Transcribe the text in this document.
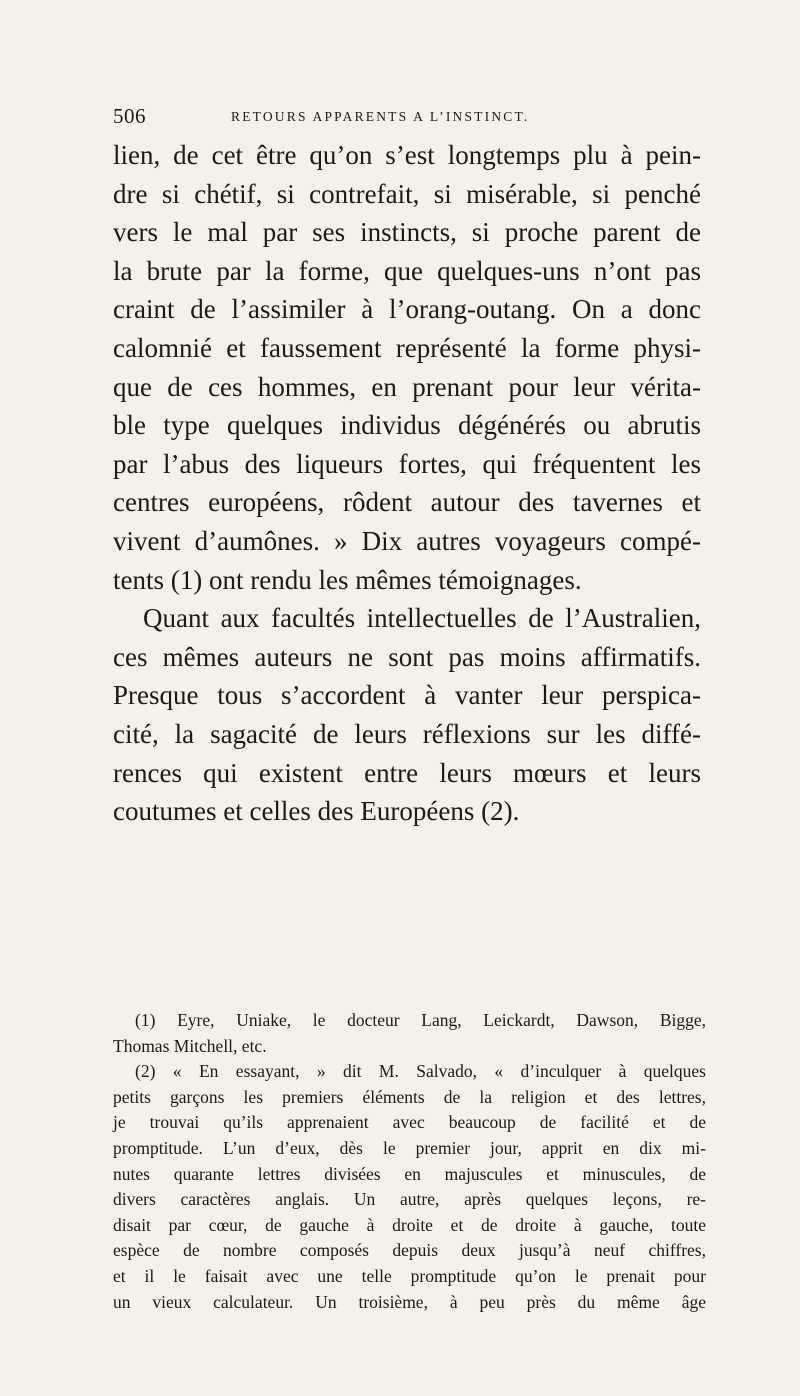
506	RETOURS APPARENTS A L’INSTINCT.
lien, de cet être qu’on s’est longtemps plu à pein-
dre si chétif, si contrefait, si misérable, si penché
vers le mal par ses instincts, si proche parent de
la brute par la forme, que quelques-uns n’ont pas
craint de l’assimiler à l’orang-outang. On a donc
calomnié et faussement représenté la forme physi-
que de ces hommes, en prenant pour leur vérita-
ble type quelques individus dégénérés ou abrutis
par l’abus des liqueurs fortes, qui fréquentent les
centres européens, rôdent autour des tavernes et
vivent d’aumônes. » Dix autres voyageurs compé-
tents (1) ont rendu les mêmes témoignages.
Quant aux facultés intellectuelles de l’Australien,
ces mêmes auteurs ne sont pas moins affirmatifs.
Presque tous s’accordent à vanter leur perspica-
cité, la sagacité de leurs réflexions sur les diffé-
rences qui existent entre leurs mœurs et leurs
coutumes et celles des Européens (2).
(1) Eyre, Uniake, le docteur Lang, Leickardt, Dawson, Bigge,
Thomas Mitchell, etc.
(2) « En essayant, » dit M. Salvado, « d’inculquer à quelques
petits garçons les premiers éléments de la religion et des lettres,
je trouvai qu’ils apprenaient avec beaucoup de facilité et de
promptitude. L’un d’eux, dès le premier jour, apprit en dix mi-
nutes quarante lettres divisées en majuscules et minuscules, de
divers caractères anglais. Un autre, après quelques leçons, re-
disait par cœur, de gauche à droite et de droite à gauche, toute
espèce de nombre composés depuis deux jusqu’à neuf chiffres,
et il le faisait avec une telle promptitude qu’on le prenait pour
un vieux calculateur. Un troisième, à peu près du même âge
